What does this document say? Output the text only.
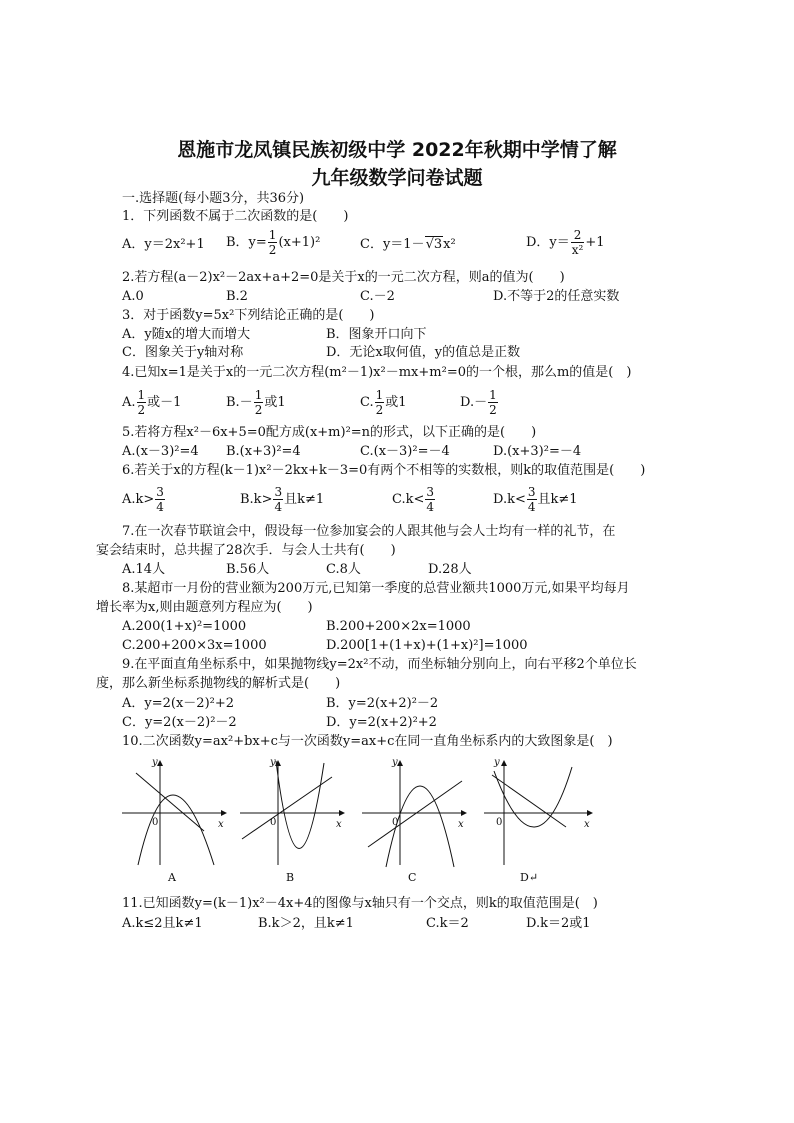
恩施市龙凤镇民族初级中学 2022年秋期中学情了解
九年级数学问卷试题
一.选择题(每小题3分，共36分)
1．下列函数不属于二次函数的是(　　)
A．y＝2x²+1 B．$y= \frac{1}{2} (x+1)^2$	C．y＝1－√3x²	D．$y= \frac{2}{\text{x²}} +1$
2.若方程(a－2)x²－2ax+a+2=0是关于x的一元二次方程，则a的值为(　　)
A.0	B.2	C.－2	D.不等于2的任意实数
3．对于函数y=5x²下列结论正确的是(　　)
A．y随x的增大而增大	B．图象开口向下
C．图象关于y轴对称	D．无论x取何值，y的值总是正数
4.已知x=1是关于x的一元二次方程(m²－1)x²－mx+m²=0的一个根，那么m的值是(　)
A. $\frac{1}{2}$ 或－1	$B.- \frac{1}{2}$ 或1	C. $\frac{1}{2}$ 或1	$D.- \frac{1}{2}$
5.若将方程x²－6x+5=0配方成(x+m)²=n的形式，以下正确的是(　　)
A.(x－3)²=4 B.(x+3)²=4	C.(x－3)²=－4	D.(x+3)²=－4
6.若关于x的方程(k－1)x²－2kx+k－3=0有两个不相等的实数根，则k的取值范围是(　　)
$A.k> \frac{3}{4}$	$B.k> \frac{3}{4}$ 且k≠1	$C.k< \frac{3}{4}$	$D.k< \frac{3}{4}$ 且k≠1
7.在一次春节联谊会中，假设每一位参加宴会的人跟其他与会人士均有一样的礼节，在
宴会结束时，总共握了28次手．与会人士共有(　　)
A.14人	B.56人	C.8人	D.28人
8.某超市一月份的营业额为200万元,已知第一季度的总营业额共1000万元,如果平均每月
增长率为x,则由题意列方程应为(　　)
A.200(1+x)²=1000	B.200+200×2x=1000
C.200+200×3x=1000	D.200[1+(1+x)+(1+x)²]=1000
9.在平面直角坐标系中，如果抛物线y=2x²不动，而坐标轴分别向上，向右平移2个单位长
度，那么新坐标系抛物线的解析式是(　　)
A．y=2(x－2)²+2	B．y=2(x+2)²－2
C．y=2(x－2)²－2	D．y=2(x+2)²+2
10.二次函数y=ax²+bx+c与一次函数y=ax+c在同一直角坐标系内的大致图象是(　)
y
x
0
A
y
x
0
B
y
x
0
C
y
x
0
D↵
11.已知函数y=(k－1)x²－4x+4的图像与x轴只有一个交点，则k的取值范围是(　)
A.k≤2且k≠1	B.k＞2，且k≠1	C.k＝2	D.k＝2或1
